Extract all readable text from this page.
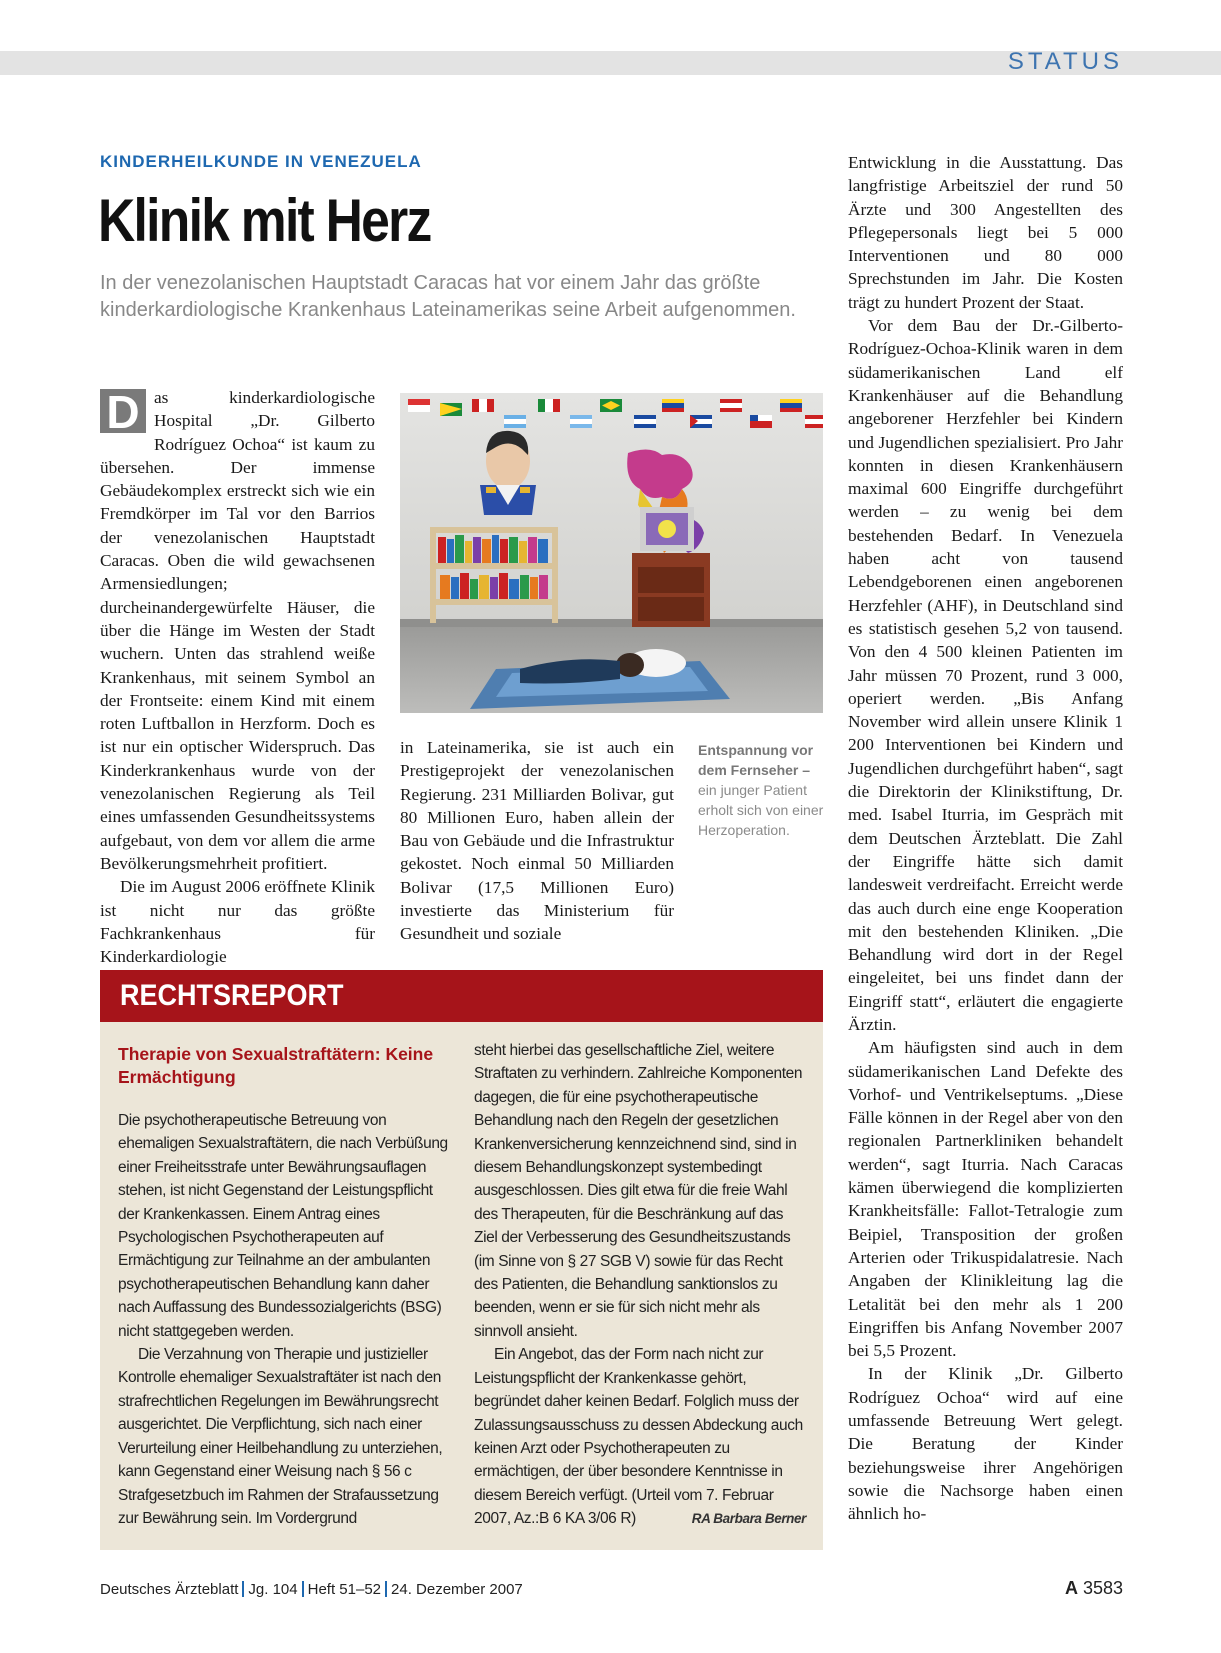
STATUS
KINDERHEILKUNDE IN VENEZUELA
Klinik mit Herz
In der venezolanischen Hauptstadt Caracas hat vor einem Jahr das größte kinderkardiologische Krankenhaus Lateinamerikas seine Arbeit aufgenommen.

D as kinderkardiologische Hospital „Dr. Gilberto Rodríguez Ochoa“ ist kaum zu übersehen. Der immense Gebäudekomplex erstreckt sich wie ein Fremdkörper im Tal vor den Barrios der venezolanischen Hauptstadt Caracas. Oben die wild gewachsenen Armensiedlungen; durcheinandergewürfelte Häuser, die über die Hänge im Westen der Stadt wuchern. Unten das strahlend weiße Krankenhaus, mit seinem Symbol an der Frontseite: einem Kind mit einem roten Luftballon in Herzform. Doch es ist nur ein optischer Widerspruch. Das Kinderkrankenhaus wurde von der venezolanischen Regierung als Teil eines umfassenden Gesundheitssystems aufgebaut, von dem vor allem die arme Bevölkerungsmehrheit profitiert.

Die im August 2006 eröffnete Klinik ist nicht nur das größte Fachkrankenhaus für Kinderkardiologie

Entspannung vor dem Fernseher –
ein junger Patient erholt sich von einer Herzoperation.

in Lateinamerika, sie ist auch ein Prestigeprojekt der venezolanischen Regierung. 231 Milliarden Bolivar, gut 80 Millionen Euro, haben allein der Bau von Gebäude und die Infrastruktur gekostet. Noch einmal 50 Milliarden Bolivar (17,5 Millionen Euro) investierte das Ministerium für Gesundheit und soziale

Entwicklung in die Ausstattung. Das langfristige Arbeitsziel der rund 50 Ärzte und 300 Angestellten des Pflegepersonals liegt bei 5 000 Interventionen und 80 000 Sprechstunden im Jahr. Die Kosten trägt zu hundert Prozent der Staat.

Vor dem Bau der Dr.-Gilberto-Rodríguez-Ochoa-Klinik waren in dem südamerikanischen Land elf Krankenhäuser auf die Behandlung angeborener Herzfehler bei Kindern und Jugendlichen spezialisiert. Pro Jahr konnten in diesen Krankenhäusern maximal 600 Eingriffe durchgeführt werden – zu wenig bei dem bestehenden Bedarf. In Venezuela haben acht von tausend Lebendgeborenen einen angeborenen Herzfehler (AHF), in Deutschland sind es statistisch gesehen 5,2 von tausend. Von den 4 500 kleinen Patienten im Jahr müssen 70 Prozent, rund 3 000, operiert werden. „Bis Anfang November wird allein unsere Klinik 1 200 Interventionen bei Kindern und Jugendlichen durchgeführt haben“, sagt die Direktorin der Klinikstiftung, Dr. med. Isabel Iturria, im Gespräch mit dem Deutschen Ärzteblatt. Die Zahl der Eingriffe hätte sich damit landesweit verdreifacht. Erreicht werde das auch durch eine enge Kooperation mit den bestehenden Kliniken. „Die Behandlung wird dort in der Regel eingeleitet, bei uns findet dann der Eingriff statt“, erläutert die engagierte Ärztin.

Am häufigsten sind auch in dem südamerikanischen Land Defekte des Vorhof- und Ventrikelseptums. „Diese Fälle können in der Regel aber von den regionalen Partnerkliniken behandelt werden“, sagt Iturria. Nach Caracas kämen überwiegend die komplizierten Krankheitsfälle: Fallot-Tetralogie zum Beipiel, Transposition der großen Arterien oder Trikuspidalatresie. Nach Angaben der Klinikleitung lag die Letalität bei den mehr als 1 200 Eingriffen bis Anfang November 2007 bei 5,5 Prozent.

In der Klinik „Dr. Gilberto Rodríguez Ochoa“ wird auf eine umfassende Betreuung Wert gelegt. Die Beratung der Kinder beziehungsweise ihrer Angehörigen sowie die Nachsorge haben einen ähnlich ho-

RECHTSREPORT
Therapie von Sexualstraftätern: Keine Ermächtigung

Die psychotherapeutische Betreuung von ehemaligen Sexualstraftätern, die nach Verbüßung einer Freiheitsstrafe unter Bewährungsauflagen stehen, ist nicht Gegenstand der Leistungspflicht der Krankenkassen. Einem Antrag eines Psychologischen Psychotherapeuten auf Ermächtigung zur Teilnahme an der ambulanten psychotherapeutischen Behandlung kann daher nach Auffassung des Bundessozialgerichts (BSG) nicht stattgegeben werden.

Die Verzahnung von Therapie und justizieller Kontrolle ehemaliger Sexualstraftäter ist nach den strafrechtlichen Regelungen im Bewährungsrecht ausgerichtet. Die Verpflichtung, sich nach einer Verurteilung einer Heilbehandlung zu unterziehen, kann Gegenstand einer Weisung nach § 56 c Strafgesetzbuch im Rahmen der Strafaussetzung zur Bewährung sein. Im Vordergrund

steht hierbei das gesellschaftliche Ziel, weitere Straftaten zu verhindern. Zahlreiche Komponenten dagegen, die für eine psychotherapeutische Behandlung nach den Regeln der gesetzlichen Krankenversicherung kennzeichnend sind, sind in diesem Behandlungskonzept systembedingt ausgeschlossen. Dies gilt etwa für die freie Wahl des Therapeuten, für die Beschränkung auf das Ziel der Verbesserung des Gesundheitszustands (im Sinne von § 27 SGB V) sowie für das Recht des Patienten, die Behandlung sanktionslos zu beenden, wenn er sie für sich nicht mehr als sinnvoll ansieht.

Ein Angebot, das der Form nach nicht zur Leistungspflicht der Krankenkasse gehört, begründet daher keinen Bedarf. Folglich muss der Zulassungsausschuss zu dessen Abdeckung auch keinen Arzt oder Psychotherapeuten zu ermächtigen, der über besondere Kenntnisse in diesem Bereich verfügt. (Urteil vom 7. Februar 2007, Az.:B 6 KA 3/06 R)	RA Barbara Berner

Deutsches Ärzteblatt Jg. 104 Heft 51–52 24. Dezember 2007	A 3583
